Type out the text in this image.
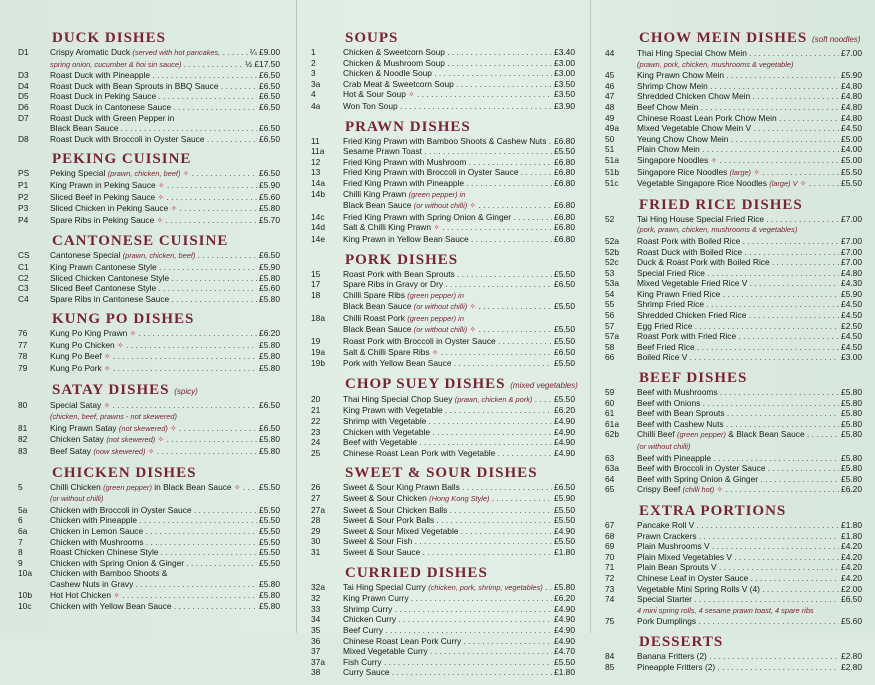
DUCK DISHES
D1	Crispy Aromatic Duck (served with hot pancakes, . . .	¼ £9.00
spring onion, cucumber & hoi sin sauce) . . .	½ £17.50
D3	Roast Duck with Pineapple . . .	£6.50
D4	Roast Duck with Bean Sprouts in BBQ Sauce . . .	£6.50
D5	Roast Duck in Peking Sauce . . .	£6.50
D6	Roast Duck in Cantonese Sauce . . .	£6.50
D7	Roast Duck with Green Pepper in
Black Bean Sauce . . .	£6.50
D8	Roast Duck with Broccoli in Oyster Sauce . . .	£6.50
PEKING CUISINE
PS	Peking Special (prawn, chicken, beef) ✧ . . .	£6.50
P1	King Prawn in Peking Sauce ✧ . . .	£5.90
P2	Sliced Beef in Peking Sauce ✧ . . .	£5.60
P3	Sliced Chicken in Peking Sauce ✧ . . .	£5.80
P4	Spare Ribs in Peking Sauce ✧ . . .	£5.70
CANTONESE CUISINE
CS	Cantonese Special (prawn, chicken, beef) . . .	£6.50
C1	King Prawn Cantonese Style . . .	£5.90
C2	Sliced Chicken Cantonese Style . . .	£5.80
C3	Sliced Beef Cantonese Style . . .	£5.60
C4	Spare Ribs in Cantonese Sauce . . .	£5.80
KUNG PO DISHES
76	Kung Po King Prawn ✧ . . .	£6.20
77	Kung Po Chicken ✧ . . .	£5.80
78	Kung Po Beef ✧ . . .	£5.80
79	Kung Po Pork ✧ . . .	£5.80
SATAY DISHES (spicy)
80	Special Satay ✧ . . .	£6.50
(chicken, beef, prawns - not skewered)
81	King Prawn Satay (not skewered) ✧ . . .	£6.50
82	Chicken Satay (not skewered) ✧ . . .	£5.80
83	Beef Satay (now skewered) ✧ . . .	£5.80
CHICKEN DISHES
5	Chilli Chicken (green pepper) in Black Bean Sauce ✧ . . .	£5.50
(or without chilli)
5a	Chicken with Broccoli in Oyster Sauce . . .	£5.50
6	Chicken with Pineapple . . .	£5.50
6a	Chicken in Lemon Sauce . . .	£5.50
7	Chicken with Mushrooms . . .	£5.50
8	Roast Chicken Chinese Style . . .	£5.50
9	Chicken with Spring Onion & Ginger . . .	£5.50
10a	Chicken with Bamboo Shoots &
Cashew Nuts in Gravy . . .	£5.80
10b	Hot Hot Chicken ✧ . . .	£5.80
10c	Chicken with Yellow Bean Sauce . . .	£5.80
SOUPS
1	Chicken & Sweetcorn Soup . . .	£3.40
2	Chicken & Mushroom Soup . . .	£3.00
3	Chicken & Noodle Soup . . .	£3.00
3a	Crab Meat & Sweetcorn Soup . . .	£3.50
4	Hot & Sour Soup ✧ . . .	£3.50
4a	Won Ton Soup . . .	£3.90
PRAWN DISHES
11	Fried King Prawn with Bamboo Shoots & Cashew Nuts . . . £6.80
11a	Sesame Prawn Toast . . .	£5.50
12	Fried King Prawn with Mushroom . . .	£6.80
13	Fried King Prawn with Broccoli in Oyster Sauce . . .	£6.80
14a	Fried King Prawn with Pineapple . . .	£6.80
14b	Chilli King Prawn (green pepper) in
Black Bean Sauce (or without chilli) ✧ . . .	£6.80
14c	Fried King Prawn with Spring Onion & Ginger . . .	£6.80
14d	Salt & Chilli King Prawn ✧ . . .	£6.80
14e	King Prawn in Yellow Bean Sauce . . .	£6.80
PORK DISHES
15	Roast Pork with Bean Sprouts . . .	£5.50
17	Spare Ribs in Gravy or Dry . . .	£6.50
18	Chilli Spare Ribs (green pepper) in
Black Bean Sauce (or without chilli) ✧ . . .	£5.50
18a	Chilli Roast Pork (green pepper) in
Black Bean Sauce (or without chilli) ✧ . . .	£5.50
19	Roast Pork with Broccoli in Oyster Sauce . . .	£5.50
19a	Salt & Chilli Spare Ribs ✧ . . .	£6.50
19b	Pork with Yellow Bean Sauce . . .	£5.50
CHOP SUEY DISHES (mixed vegetables)
20	Thai Hing Special Chop Suey (prawn, chicken & pork) . . .	£5.50
21	King Prawn with Vegetable . . .	£6.20
22	Shrimp with Vegetable . . .	£4.90
23	Chicken with Vegetable . . .	£4.90
24	Beef with Vegetable . . .	£4.90
25	Chinese Roast Lean Pork with Vegetable . . .	£4.90
SWEET & SOUR DISHES
26	Sweet & Sour King Prawn Balls . . .	£6.50
27	Sweet & Sour Chicken (Hong Kong Style) . . .	£5.90
27a	Sweet & Sour Chicken Balls . . .	£5.50
28	Sweet & Sour Pork Balls . . .	£5.50
29	Sweet & Sour Mixed Vegetable . . .	£4.90
30	Sweet & Sour Fish . . .	£5.50
31	Sweet & Sour Sauce . . .	£1.80
CURRIED DISHES
32a	Tai Hing Special Curry (chicken, pork, shrimp, vegetables) . . .	£5.80
32	King Prawn Curry . . .	£6.20
33	Shrimp Curry . . .	£4.90
34	Chicken Curry . . .	£4.90
35	Beef Curry . . .	£4.90
36	Chinese Roast Lean Pork Curry . . .	£4.90
37	Mixed Vegetable Curry . . .	£4.70
37a	Fish Curry . . .	£5.50
38	Curry Sauce . . .	£1.80
CHOW MEIN DISHES (soft noodles)
44	Thai Hing Special Chow Mein . . .	£7.00
(prawn, pork, chicken, mushrooms & vegetable)
45	King Prawn Chow Mein . . .	£5.90
46	Shrimp Chow Mein . . .	£4.80
47	Shredded Chicken Chow Mein . . .	£4.80
48	Beef Chow Mein . . .	£4.80
49	Chinese Roast Lean Pork Chow Mein . . .	£4.80
49a	Mixed Vegetable Chow Mein V . . .	£4.50
50	Yeung Chow Chow Mein . . .	£5.00
51	Plain Chow Mein . . .	£4.00
51a	Singapore Noodles ✧ . . .	£5.00
51b	Singapore Rice Noodles (large) ✧ . . .	£5.50
51c	Vegetable Singapore Rice Noodles (large) V ✧ . . .	£5.50
FRIED RICE DISHES
52	Tai Hing House Special Fried Rice . . .	£7.00
(pork, prawn, chicken, mushrooms & vegetables)
52a	Roast Pork with Boiled Rice . . .	£7.00
52b	Roast Duck with Boiled Rice . . .	£7.00
52c	Duck & Roast Pork with Boiled Rice . . .	£7.00
53	Special Fried Rice . . .	£4.80
53a	Mixed Vegetable Fried Rice V . . .	£4.30
54	King Prawn Fried Rice . . .	£5.90
55	Shrimp Fried Rice . . .	£4.50
56	Shredded Chicken Fried Rice . . .	£4.50
57	Egg Fried Rice . . .	£2.50
57a	Roast Pork with Fried Rice . . .	£4.50
58	Beef Fried Rice . . .	£4.50
66	Boiled Rice V . . .	£3.00
BEEF DISHES
59	Beef with Mushrooms . . .	£5.80
60	Beef with Onions . . .	£5.80
61	Beef with Bean Sprouts . . .	£5.80
61a	Beef with Cashew Nuts . . .	£5.80
62b	Chilli Beef (green pepper) & Black Bean Sauce . . .	£5.80
(or without chilli)
63	Beef with Pineapple . . .	£5.80
63a	Beef with Broccoli in Oyster Sauce . . .	£5.80
64	Beef with Spring Onion & Ginger . . .	£5.80
65	Crispy Beef (chilli hot) ✧ . . .	£6.20
EXTRA PORTIONS
67	Pancake Roll V . . .	£1.80
68	Prawn Crackers . . .	£1.80
69	Plain Mushrooms V . . .	£4.20
70	Plain Mixed Vegetables V . . .	£4.20
71	Plain Bean Sprouts V . . .	£4.20
72	Chinese Leaf in Oyster Sauce . . .	£4.20
73	Vegetable Mini Spring Rolls V (4) . . .	£2.00
74	Special Starter . . .	£6.50
4 mini spring rolls, 4 sesame prawn toast, 4 spare ribs
75	Pork Dumplings . . .	£5.60
DESSERTS
84	Banana Fritters (2) . . .	£2.80
85	Pineapple Fritters (2) . . .	£2.80
